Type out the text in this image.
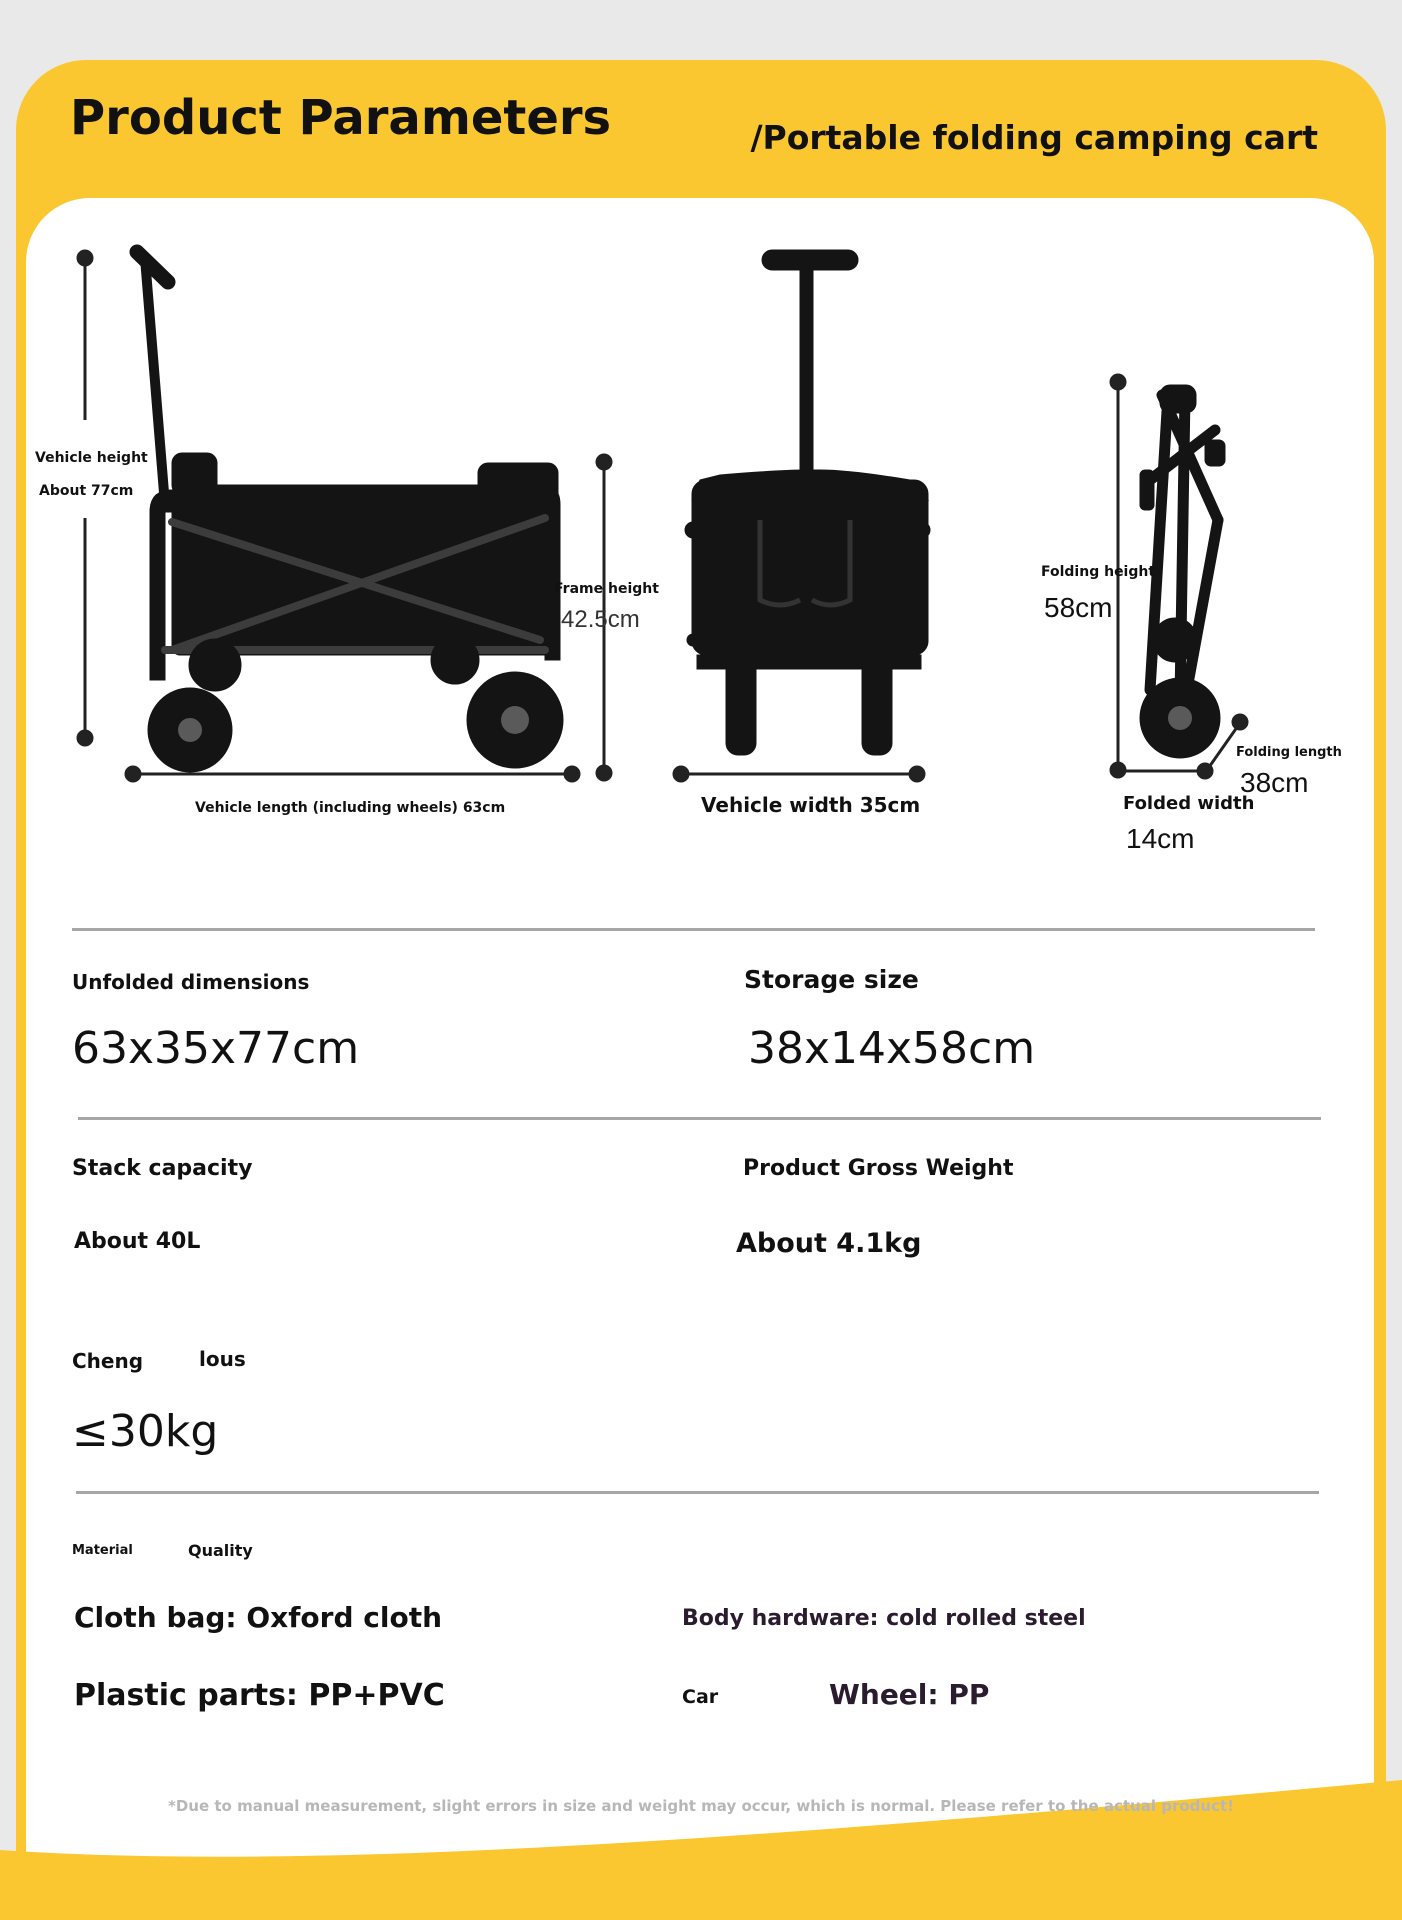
Product Parameters	/Portable folding camping cart
Vehicle height
About 77cm
Frame height
42.5cm
Vehicle length (including wheels) 63cm	Vehicle width 35cm
Folding height
58cm
Folding length
38cm
Folded width
14cm
Unfolded dimensions
63x35x77cm
Storage size
38x14x58cm
Stack capacity
About 40L
Product Gross Weight
About 4.1kg
Cheng	lous
≤30kg
Material	Quality
Cloth bag: Oxford cloth	Body hardware: cold rolled steel
Plastic parts: PP+PVC	Car	Wheel: PP
*Due to manual measurement, slight errors in size and weight may occur, which is normal. Please refer to the actual product!
